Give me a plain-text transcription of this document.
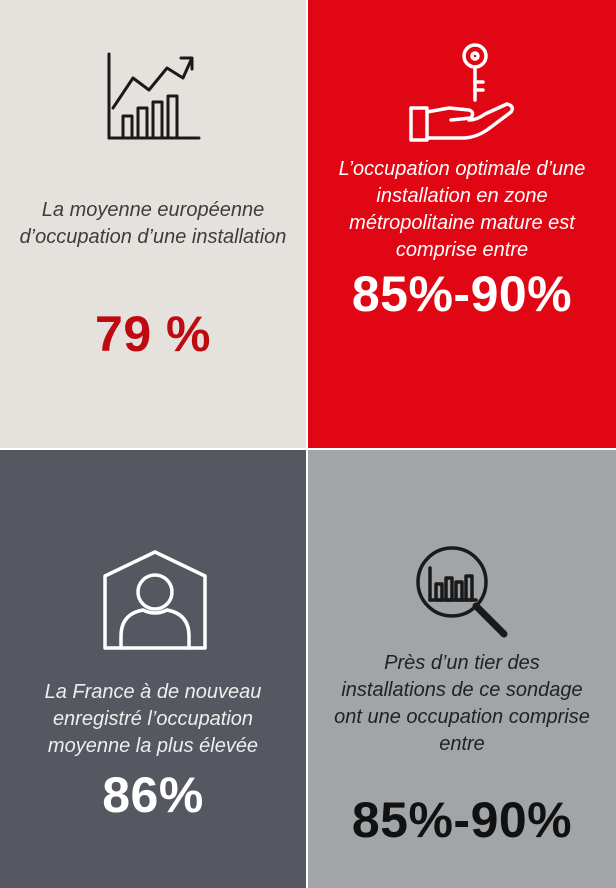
La moyenne européenne d’occupation d’une installation
79 %
L’occupation optimale d’une installation en zone métropolitaine mature est comprise entre
85%-90%
La France à de nouveau enregistré l’occupation moyenne la plus élevée
86%
Près d’un tier des installations de ce sondage ont une occupation comprise entre
85%-90%
